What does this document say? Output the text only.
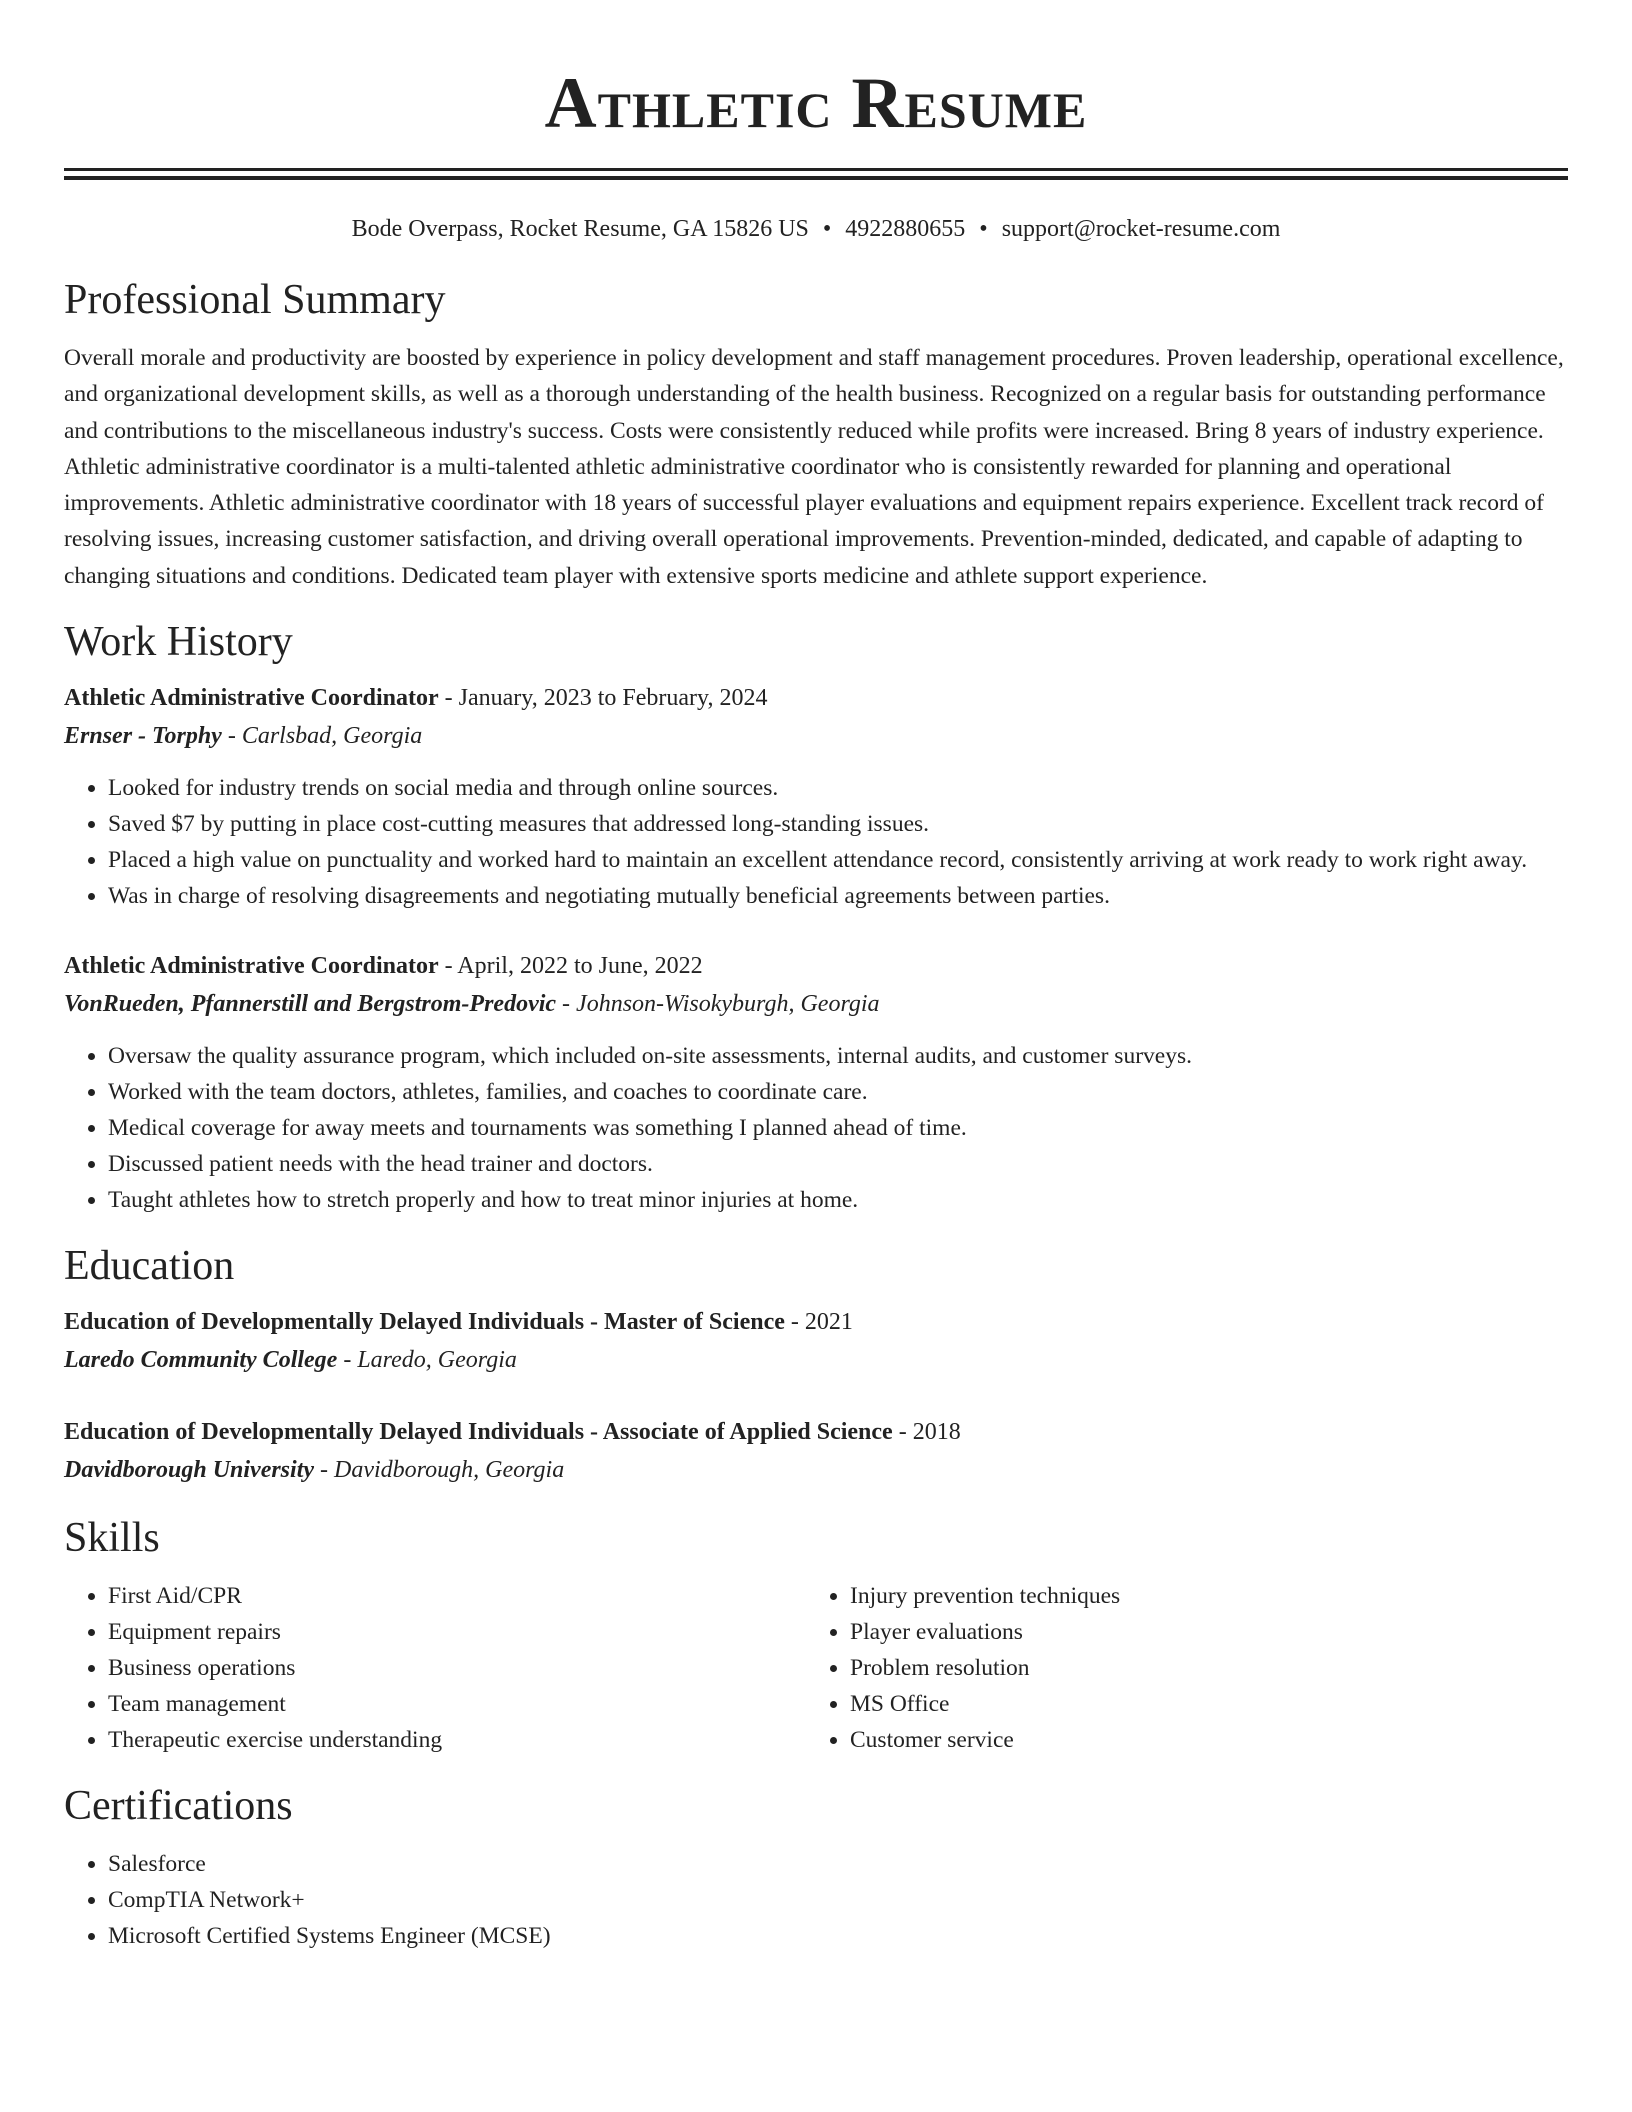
Athletic Resume
Bode Overpass, Rocket Resume, GA 15826 US • 4922880655 • support@rocket-resume.com
Professional Summary

Overall morale and productivity are boosted by experience in policy development and staff management procedures. Proven leadership, operational excellence, and organizational development skills, as well as a thorough understanding of the health business. Recognized on a regular basis for outstanding performance and contributions to the miscellaneous industry's success. Costs were consistently reduced while profits were increased. Bring 8 years of industry experience. Athletic administrative coordinator is a multi-talented athletic administrative coordinator who is consistently rewarded for planning and operational improvements. Athletic administrative coordinator with 18 years of successful player evaluations and equipment repairs experience. Excellent track record of resolving issues, increasing customer satisfaction, and driving overall operational improvements. Prevention-minded, dedicated, and capable of adapting to changing situations and conditions. Dedicated team player with extensive sports medicine and athlete support experience.

Work History
Athletic Administrative Coordinator - January, 2023 to February, 2024
Ernser - Torphy - Carlsbad, Georgia
• Looked for industry trends on social media and through online sources.
• Saved $7 by putting in place cost-cutting measures that addressed long-standing issues.
• Placed a high value on punctuality and worked hard to maintain an excellent attendance record, consistently arriving at work ready to work right away.
• Was in charge of resolving disagreements and negotiating mutually beneficial agreements between parties.
Athletic Administrative Coordinator - April, 2022 to June, 2022
VonRueden, Pfannerstill and Bergstrom-Predovic - Johnson-Wisokyburgh, Georgia
• Oversaw the quality assurance program, which included on-site assessments, internal audits, and customer surveys.
• Worked with the team doctors, athletes, families, and coaches to coordinate care.
• Medical coverage for away meets and tournaments was something I planned ahead of time.
• Discussed patient needs with the head trainer and doctors.
• Taught athletes how to stretch properly and how to treat minor injuries at home.
Education
Education of Developmentally Delayed Individuals - Master of Science - 2021
Laredo Community College - Laredo, Georgia
Education of Developmentally Delayed Individuals - Associate of Applied Science - 2018
Davidborough University - Davidborough, Georgia
Skills
• First Aid/CPR
• Equipment repairs
• Business operations
• Team management
• Therapeutic exercise understanding
• Injury prevention techniques
• Player evaluations
• Problem resolution
• MS Office
• Customer service
Certifications
• Salesforce
• CompTIA Network+
• Microsoft Certified Systems Engineer (MCSE)
